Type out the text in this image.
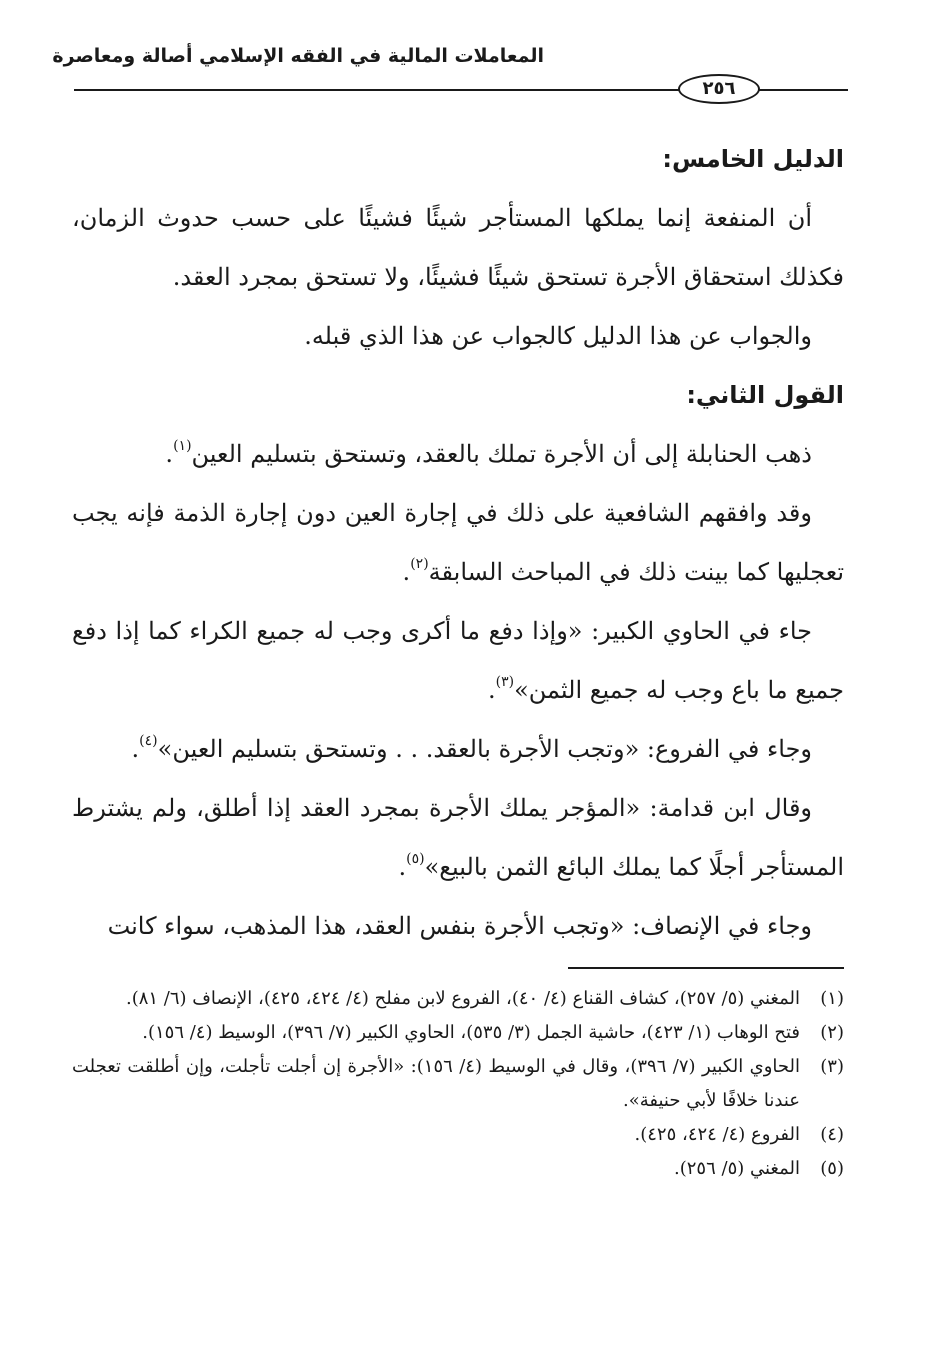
المعاملات المالية في الفقه الإسلامي أصالة ومعاصرة
٢٥٦

الدليل الخامس:

أن المنفعة إنما يملكها المستأجر شيئًا فشيئًا على حسب حدوث الزمان، فكذلك استحقاق الأجرة تستحق شيئًا فشيئًا، ولا تستحق بمجرد العقد.

والجواب عن هذا الدليل كالجواب عن هذا الذي قبله.

القول الثاني:

ذهب الحنابلة إلى أن الأجرة تملك بالعقد، وتستحق بتسليم العين$^{(١)}$.

وقد وافقهم الشافعية على ذلك في إجارة العين دون إجارة الذمة فإنه يجب تعجليها كما بينت ذلك في المباحث السابقة$^{(٢)}$.

جاء في الحاوي الكبير: «وإذا دفع ما أكرى وجب له جميع الكراء كما إذا دفع جميع ما باع وجب له جميع الثمن»$^{(٣)}$.

وجاء في الفروع: «وتجب الأجرة بالعقد. . . وتستحق بتسليم العين»$^{(٤)}$.

وقال ابن قدامة: «المؤجر يملك الأجرة بمجرد العقد إذا أطلق، ولم يشترط المستأجر أجلًا كما يملك البائع الثمن بالبيع»$^{(٥)}$.

وجاء في الإنصاف: «وتجب الأجرة بنفس العقد، هذا المذهب، سواء كانت

(١)
المغني (٥/ ٢٥٧)، كشاف القناع (٤/ ٤٠)، الفروع لابن مفلح (٤/ ٤٢٤، ٤٢٥)، الإنصاف (٦/ ٨١).
(٢)
فتح الوهاب (١/ ٤٢٣)، حاشية الجمل (٣/ ٥٣٥)، الحاوي الكبير (٧/ ٣٩٦)، الوسيط (٤/ ١٥٦).
(٣)
الحاوي الكبير (٧/ ٣٩٦)، وقال في الوسيط (٤/ ١٥٦): «الأجرة إن أجلت تأجلت، وإن أطلقت تعجلت عندنا خلافًا لأبي حنيفة».
(٤)
الفروع (٤/ ٤٢٤، ٤٢٥).
(٥)
المغني (٥/ ٢٥٦).
